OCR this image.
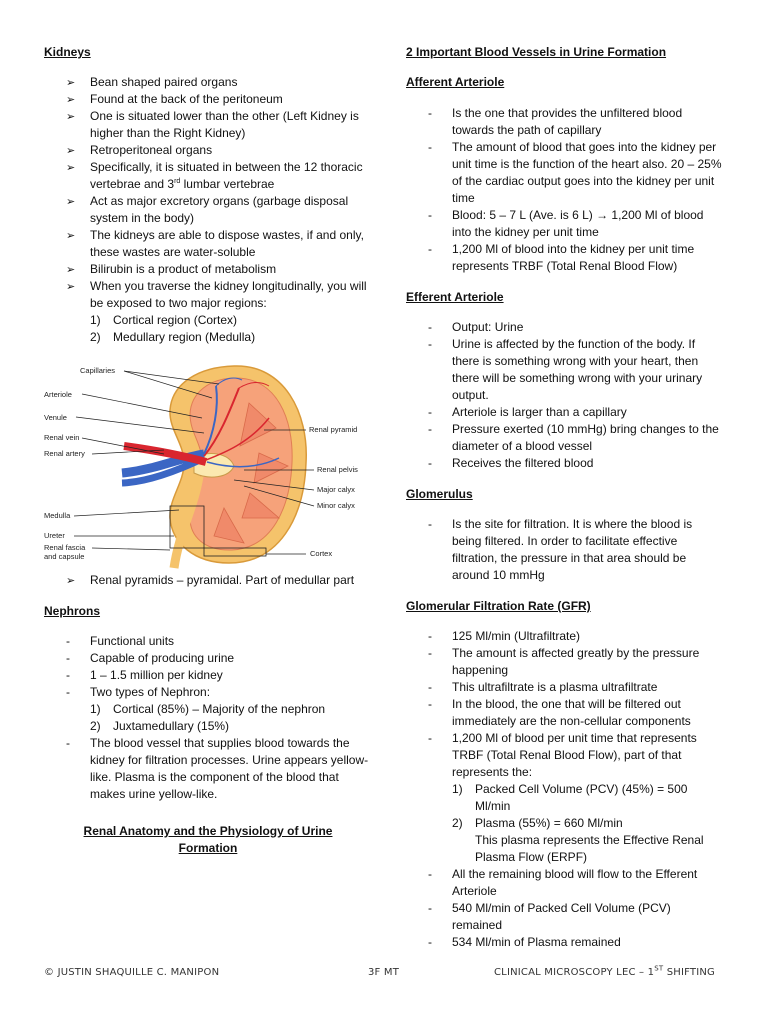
Kidneys

➢ Bean shaped paired organs
➢ Found at the back of the peritoneum
➢ One is situated lower than the other (Left Kidney is higher than the Right Kidney)
➢ Retroperitoneal organs
➢ Specifically, it is situated in between the 12 thoracic vertebrae and 3rd lumbar vertebrae
➢ Act as major excretory organs (garbage disposal system in the body)
➢ The kidneys are able to dispose wastes, if and only, these wastes are water-soluble
➢ Bilirubin is a product of metabolism
➢ When you traverse the kidney longitudinally, you will be exposed to two major regions:
1) Cortical region (Cortex)
2) Medullary region (Medulla)
Capillaries
Arteriole
Venule
Renal vein
Renal artery
Medulla
Ureter
Renal fascia
and capsule
Renal pyramid
Renal pelvis
Major calyx
Minor calyx
Cortex
➢ Renal pyramids – pyramidal. Part of medullar part

Nephrons

- Functional units
- Capable of producing urine
- 1 – 1.5 million per kidney
- Two types of Nephron:
1) Cortical (85%) – Majority of the nephron
2) Juxtamedullary (15%)
- The blood vessel that supplies blood towards the kidney for filtration processes. Urine appears yellow-like. Plasma is the component of the blood that makes urine yellow-like.
Renal Anatomy and the Physiology of Urine Formation

2 Important Blood Vessels in Urine Formation

Afferent Arteriole

- Is the one that provides the unfiltered blood towards the path of capillary
- The amount of blood that goes into the kidney per unit time is the function of the heart also. 20 – 25% of the cardiac output goes into the kidney per unit time
- Blood: 5 – 7 L (Ave. is 6 L) → 1,200 Ml of blood into the kidney per unit time
- 1,200 Ml of blood into the kidney per unit time represents TRBF (Total Renal Blood Flow)

Efferent Arteriole

- Output: Urine
- Urine is affected by the function of the body. If there is something wrong with your heart, then there will be something wrong with your urinary output.
- Arteriole is larger than a capillary
- Pressure exerted (10 mmHg) bring changes to the diameter of a blood vessel
- Receives the filtered blood

Glomerulus

- Is the site for filtration. It is where the blood is being filtered. In order to facilitate effective filtration, the pressure in that area should be around 10 mmHg

Glomerular Filtration Rate (GFR)

- 125 Ml/min (Ultrafiltrate)
- The amount is affected greatly by the pressure happening
- This ultrafiltrate is a plasma ultrafiltrate
- In the blood, the one that will be filtered out immediately are the non-cellular components
- 1,200 Ml of blood per unit time that represents TRBF (Total Renal Blood Flow), part of that represents the:
1) Packed Cell Volume (PCV) (45%) = 500 Ml/min
2) Plasma (55%) = 660 Ml/min
This plasma represents the Effective Renal Plasma Flow (ERPF)
- All the remaining blood will flow to the Efferent Arteriole
- 540 Ml/min of Packed Cell Volume (PCV) remained
- 534 Ml/min of Plasma remained
© JUSTIN SHAQUILLE C. MANIPON	3F MT	CLINICAL MICROSCOPY LEC – 1ST SHIFTING
